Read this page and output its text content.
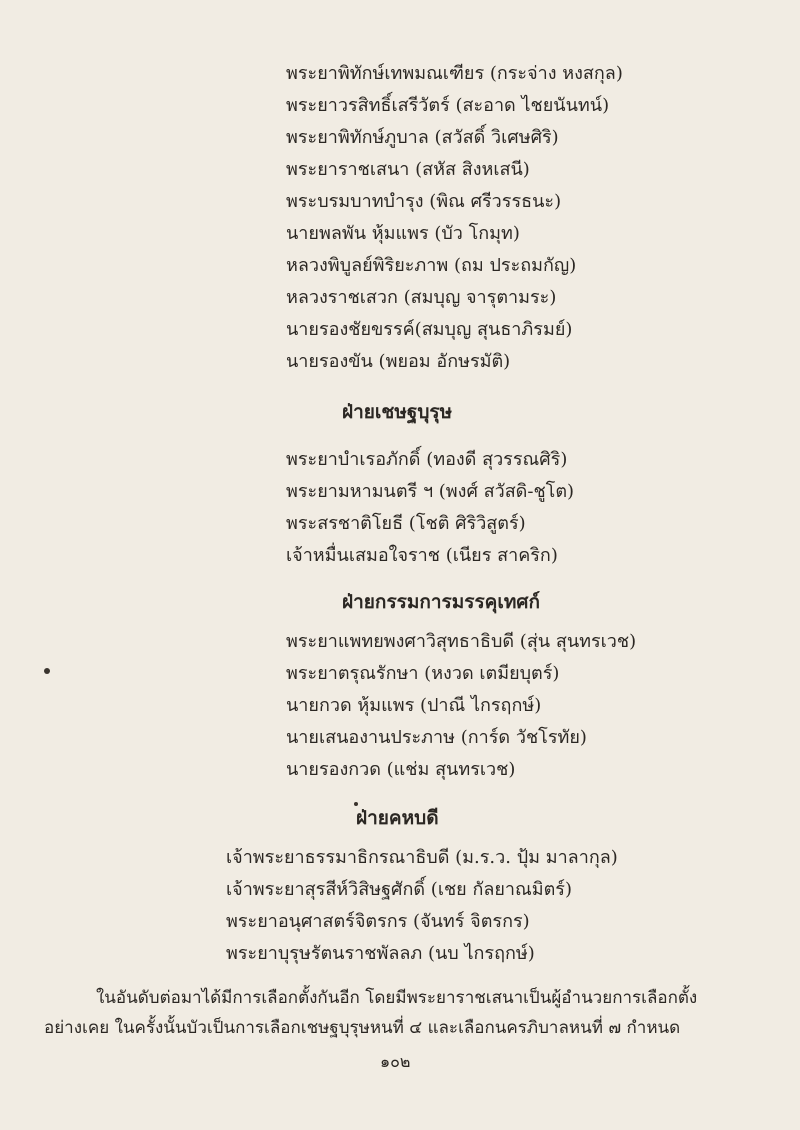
พระยาพิทักษ์เทพมณเฑียร (กระจ่าง หงสกุล)
พระยาวรสิทธิ์เสรีวัตร์ (สะอาด ไชยนันทน์)
พระยาพิทักษ์ภูบาล (สวัสดิ์ วิเศษศิริ)
พระยาราชเสนา (สหัส สิงหเสนี)
พระบรมบาทบำรุง (พิณ ศรีวรรธนะ)
นายพลพัน หุ้มแพร (บัว โกมุท)
หลวงพิบูลย์พิริยะภาพ (ถม ประถมกัญ)
หลวงราชเสวก (สมบุญ จารุตามระ)
นายรองชัยขรรค์(สมบุญ สุนธาภิรมย์)
นายรองขัน (พยอม อักษรมัติ)
ฝ่ายเชษฐบุรุษ
พระยาบำเรอภักดิ์ (ทองดี สุวรรณศิริ)
พระยามหามนตรี ฯ (พงศ์ สวัสดิ-ชูโต)
พระสรชาติโยธี (โชติ ศิริวิสูตร์)
เจ้าหมื่นเสมอใจราช (เนียร สาคริก)
ฝ่ายกรรมการมรรคุเทศก์
พระยาแพทยพงศาวิสุทธาธิบดี (สุ่น สุนทรเวช)
พระยาตรุณรักษา (หงวด เตมียบุตร์)
นายกวด หุ้มแพร (ปาณี ไกรฤกษ์)
นายเสนองานประภาษ (การ์ด วัชโรทัย)
นายรองกวด (แช่ม สุนทรเวช)
ฝ่ายคหบดี
เจ้าพระยาธรรมาธิกรณาธิบดี (ม.ร.ว. ปุ้ม มาลากุล)
เจ้าพระยาสุรสีห์วิสิษฐศักดิ์ (เชย กัลยาณมิตร์)
พระยาอนุศาสตร์จิตรกร (จันทร์ จิตรกร)
พระยาบุรุษรัตนราชพัลลภ (นบ ไกรฤกษ์)
ในอันดับต่อมาได้มีการเลือกตั้งกันอีก โดยมีพระยาราชเสนาเป็นผู้อำนวยการเลือกตั้ง
อย่างเคย ในครั้งนั้นบัวเป็นการเลือกเชษฐบุรุษหนที่ ๔ และเลือกนครภิบาลหนที่ ๗ กำหนด
๑๐๒
